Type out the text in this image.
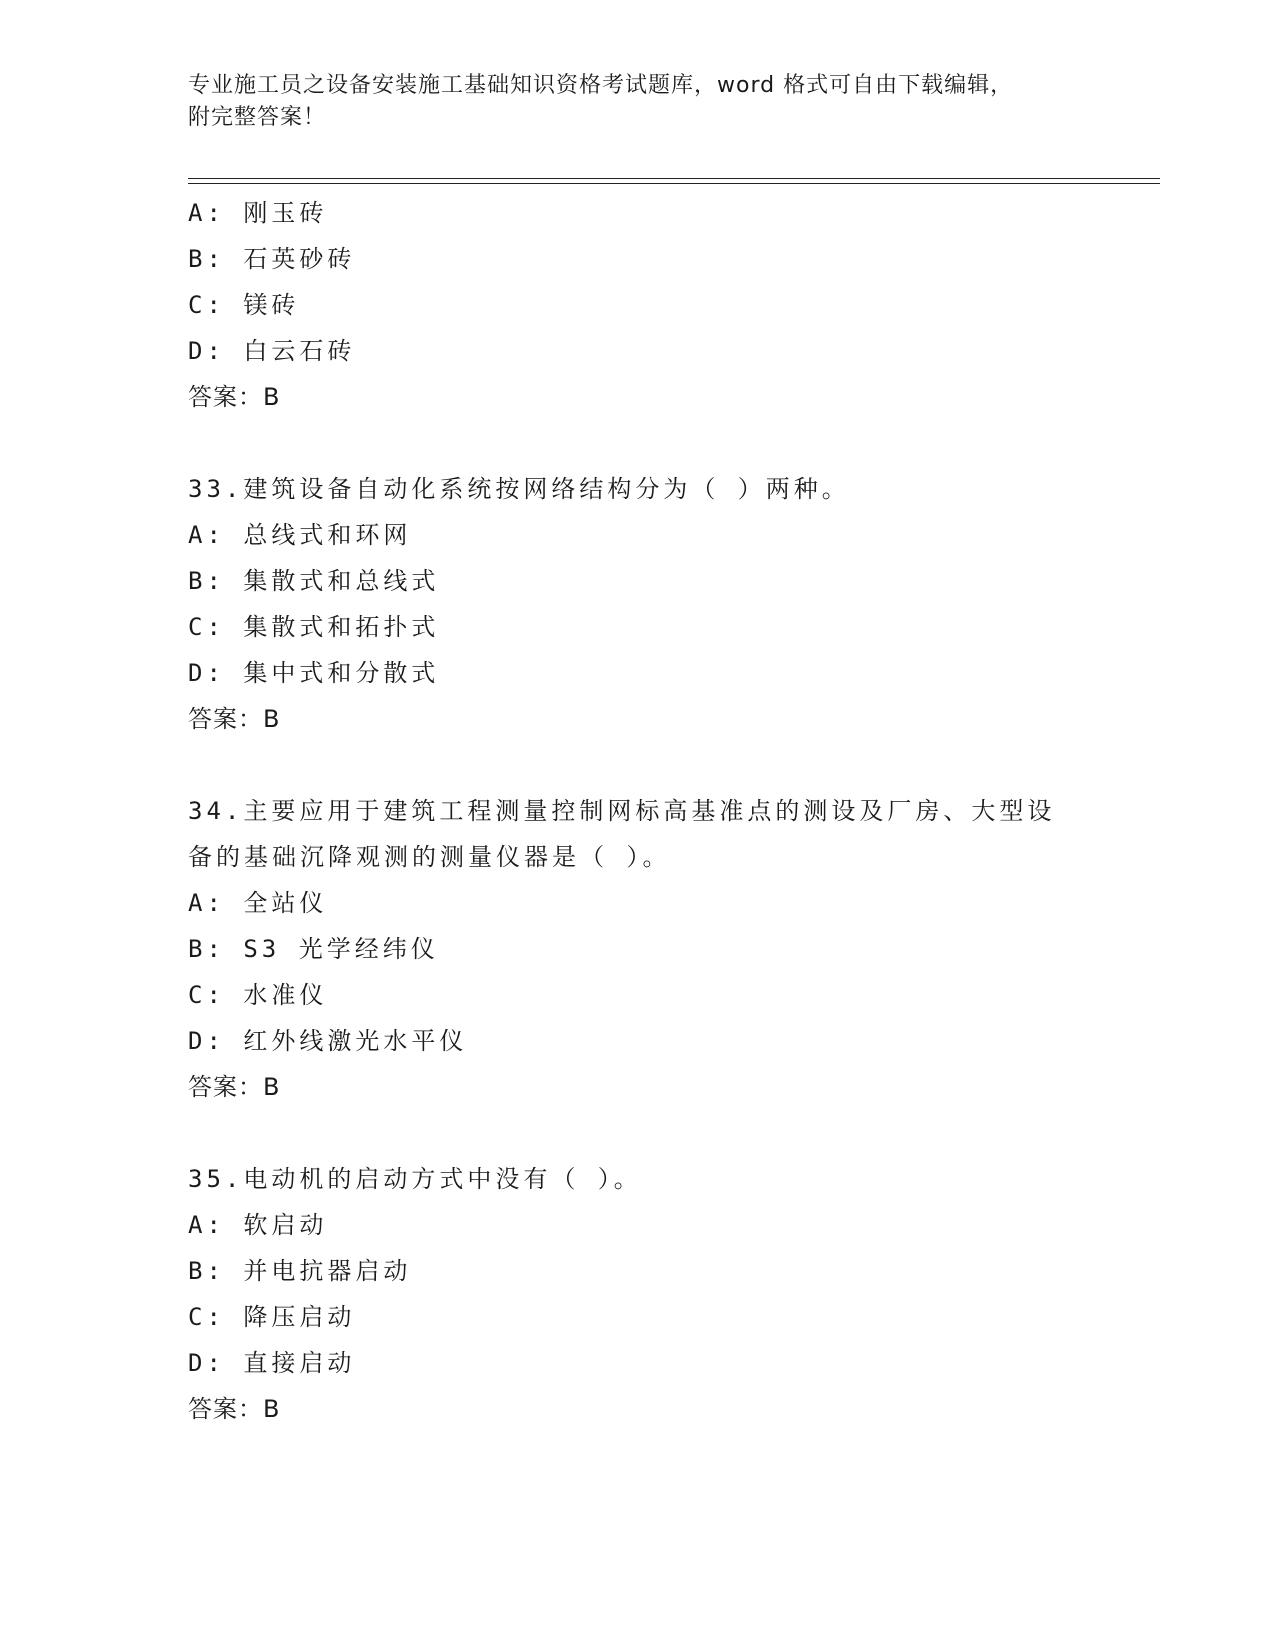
专业施工员之设备安装施工基础知识资格考试题库，word 格式可自由下载编辑，
附完整答案！
A: 刚玉砖
B: 石英砂砖
C: 镁砖
D: 白云石砖
答案：B
33.建筑设备自动化系统按网络结构分为（ ）两种。
A: 总线式和环网
B: 集散式和总线式
C: 集散式和拓扑式
D: 集中式和分散式
答案：B
34.主要应用于建筑工程测量控制网标高基准点的测设及厂房、大型设
备的基础沉降观测的测量仪器是（ ）。
A: 全站仪
B: S3 光学经纬仪
C: 水准仪
D: 红外线激光水平仪
答案：B
35.电动机的启动方式中没有（ ）。
A: 软启动
B: 并电抗器启动
C: 降压启动
D: 直接启动
答案：B
